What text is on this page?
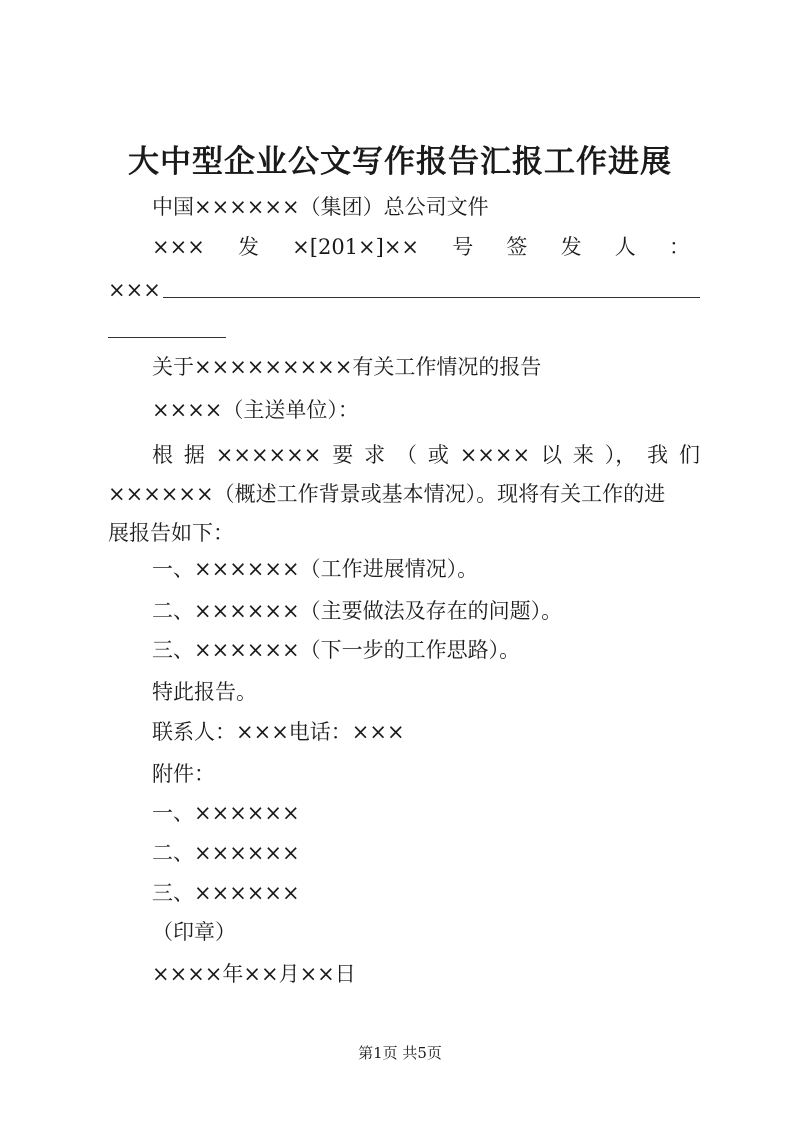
大中型企业公文写作报告汇报工作进展
中国××××××（集团）总公司文件
××× 发 ×[201×]×× 号 签 发 人 ：
×××
关于×××××××××有关工作情况的报告
××××（主送单位）：
根 据 ×××××× 要 求 （ 或 ×××× 以 来 ）， 我 们
××××××（概述工作背景或基本情况）。现将有关工作的进
展报告如下：
一、××××××（工作进展情况）。
二、××××××（主要做法及存在的问题）。
三、××××××（下一步的工作思路）。
特此报告。
联系人：×××电话：×××
附件：
一、××××××
二、××××××
三、××××××
（印章）
××××年××月××日
第1页 共5页
